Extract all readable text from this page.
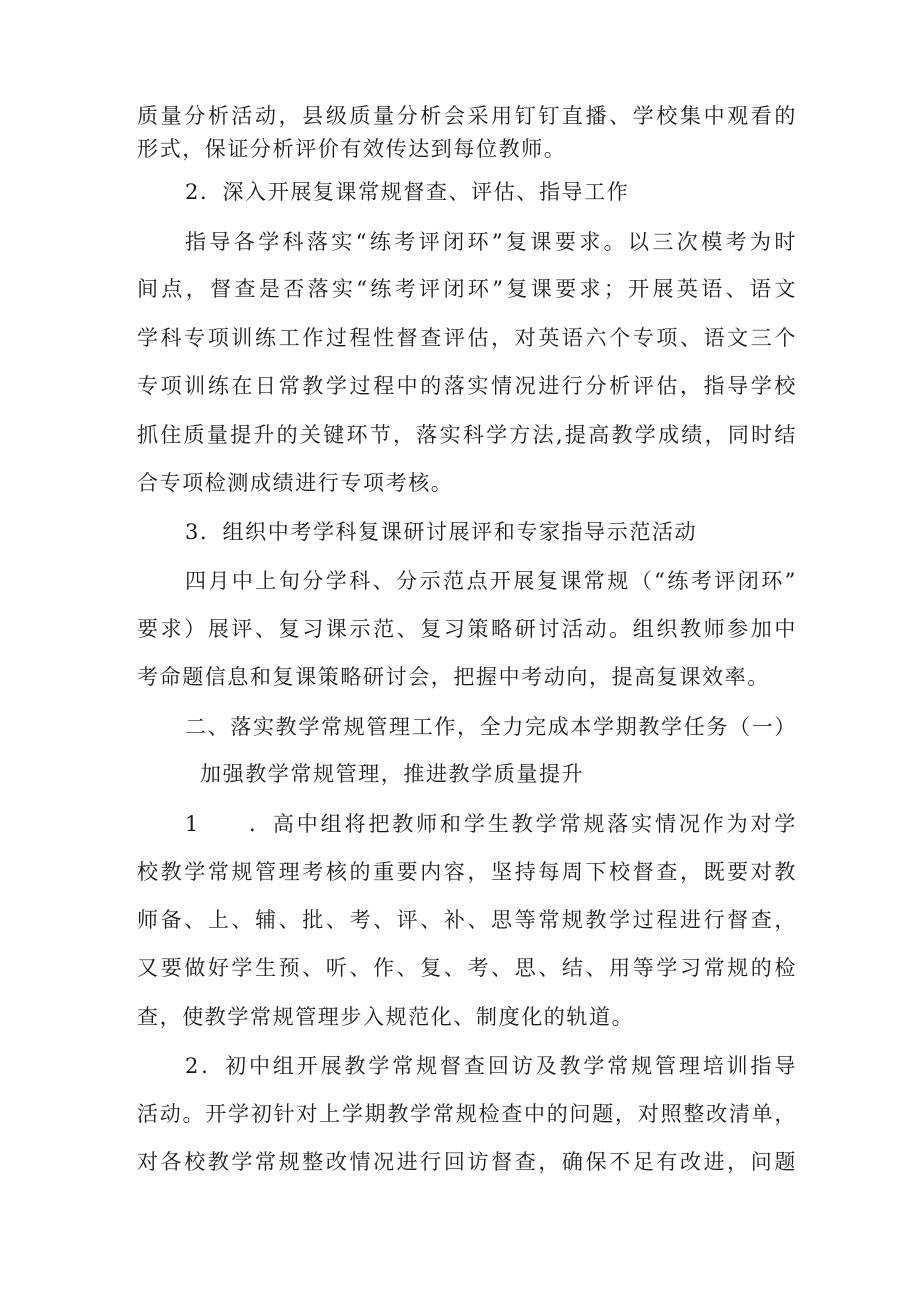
质量分析活动，县级质量分析会采用钉钉直播、学校集中观看的
形式，保证分析评价有效传达到每位教师。
2．深入开展复课常规督查、评估、指导工作
指导各学科落实“练考评闭环”复课要求。以三次模考为时
间点，督查是否落实“练考评闭环”复课要求；开展英语、语文
学科专项训练工作过程性督查评估，对英语六个专项、语文三个
专项训练在日常教学过程中的落实情况进行分析评估，指导学校
抓住质量提升的关键环节，落实科学方法,提高教学成绩，同时结
合专项检测成绩进行专项考核。
3．组织中考学科复课研讨展评和专家指导示范活动
四月中上旬分学科、分示范点开展复课常规（“练考评闭环”
要求）展评、复习课示范、复习策略研讨活动。组织教师参加中
考命题信息和复课策略研讨会，把握中考动向，提高复课效率。
二、落实教学常规管理工作，全力完成本学期教学任务（一）
加强教学常规管理，推进教学质量提升
1　　．高中组将把教师和学生教学常规落实情况作为对学
校教学常规管理考核的重要内容，坚持每周下校督查，既要对教
师备、上、辅、批、考、评、补、思等常规教学过程进行督查，
又要做好学生预、听、作、复、考、思、结、用等学习常规的检
查，使教学常规管理步入规范化、制度化的轨道。
2．初中组开展教学常规督查回访及教学常规管理培训指导
活动。开学初针对上学期教学常规检查中的问题，对照整改清单，
对各校教学常规整改情况进行回访督查，确保不足有改进，问题
